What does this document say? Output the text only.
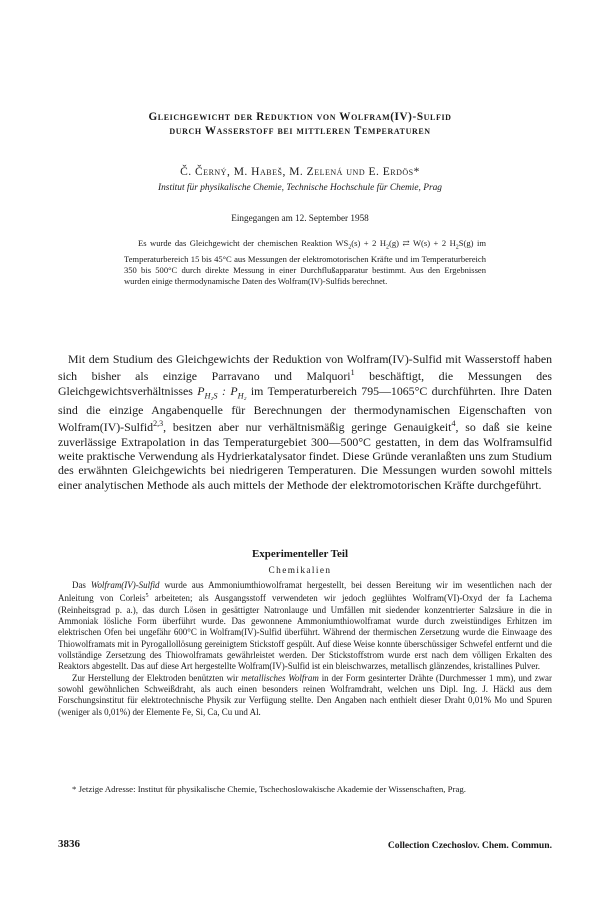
Gleichgewicht der Reduktion von Wolfram(IV)-Sulfid
durch Wasserstoff bei mittleren Temperaturen
Č. Černý, M. Habeš, M. Zelená und E. Erdös*
Institut für physikalische Chemie, Technische Hochschule für Chemie, Prag
Eingegangen am 12. September 1958

Es wurde das Gleichgewicht der chemischen Reaktion $WS_2(s) + 2$ $H_2(g)$ ⇄ W(s) + 2 $H_2S(g)$ im Temperaturbereich 15 bis 45°C aus Messungen der elektromotorischen Kräfte und im Temperaturbereich 350 bis 500°C durch direkte Messung in einer Durchflußapparatur bestimmt. Aus den Ergebnissen wurden einige thermodynamische Daten des Wolfram(IV)-Sulfids berechnet.

Mit dem Studium des Gleichgewichts der Reduktion von Wolfram(IV)-Sulfid mit Wasserstoff haben sich bisher als einzige Parravano und Malquori$^1$ beschäftigt, die Messungen des Gleichgewichtsverhältnisses $P_{H_2S}$ : $P_{H_2}$ im Temperaturbereich 795—1065°C durchführten. Ihre Daten sind die einzige Angabenquelle für Berechnungen der thermodynamischen Eigenschaften von Wolfram(IV)-Sulfid$^{2,3}$, besitzen aber nur verhältnismäßig geringe Genauigkeit$^4$, so daß sie keine zuverlässige Extrapolation in das Temperaturgebiet 300—500°C gestatten, in dem das Wolframsulfid weite praktische Verwendung als Hydrierkatalysator findet. Diese Gründe veranlaßten uns zum Studium des erwähnten Gleichgewichts bei niedrigeren Temperaturen. Die Messungen wurden sowohl mittels einer analytischen Methode als auch mittels der Methode der elektromotorischen Kräfte durchgeführt.

Experimenteller Teil
Chemikalien

Das Wolfram(IV)-Sulfid wurde aus Ammoniumthiowolframat hergestellt, bei dessen Bereitung wir im wesentlichen nach der Anleitung von Corleis$^5$ arbeiteten; als Ausgangsstoff verwendeten wir jedoch geglühtes Wolfram(VI)-Oxyd der fa Lachema (Reinheitsgrad p. a.), das durch Lösen in gesättigter Natronlauge und Umfällen mit siedender konzentrierter Salzsäure in die in Ammoniak lösliche Form überführt wurde. Das gewonnene Ammoniumthiowolframat wurde durch zweistündiges Erhitzen im elektrischen Ofen bei ungefähr 600°C in Wolfram(IV)-Sulfid überführt. Während der thermischen Zersetzung wurde die Einwaage des Thiowolframats mit in Pyrogallollösung gereinigtem Stickstoff gespült. Auf diese Weise konnte überschüssiger Schwefel entfernt und die vollständige Zersetzung des Thiowolframats gewährleistet werden. Der Stickstoffstrom wurde erst nach dem völligen Erkalten des Reaktors abgestellt. Das auf diese Art hergestellte Wolfram(IV)-Sulfid ist ein bleischwarzes, metallisch glänzendes, kristallines Pulver.

Zur Herstellung der Elektroden benützten wir metallisches Wolfram in der Form gesinterter Drähte (Durchmesser 1 mm), und zwar sowohl gewöhnlichen Schweißdraht, als auch einen besonders reinen Wolframdraht, welchen uns Dipl. Ing. J. Häckl aus dem Forschungsinstitut für elektrotechnische Physik zur Verfügung stellte. Den Angaben nach enthielt dieser Draht 0,01% Mo und Spuren (weniger als 0,01%) der Elemente Fe, Si, Ca, Cu und Al.

* Jetzige Adresse: Institut für physikalische Chemie, Tschechoslowakische Akademie der Wissenschaften, Prag.

3836	Collection Czechoslov. Chem. Commun.
